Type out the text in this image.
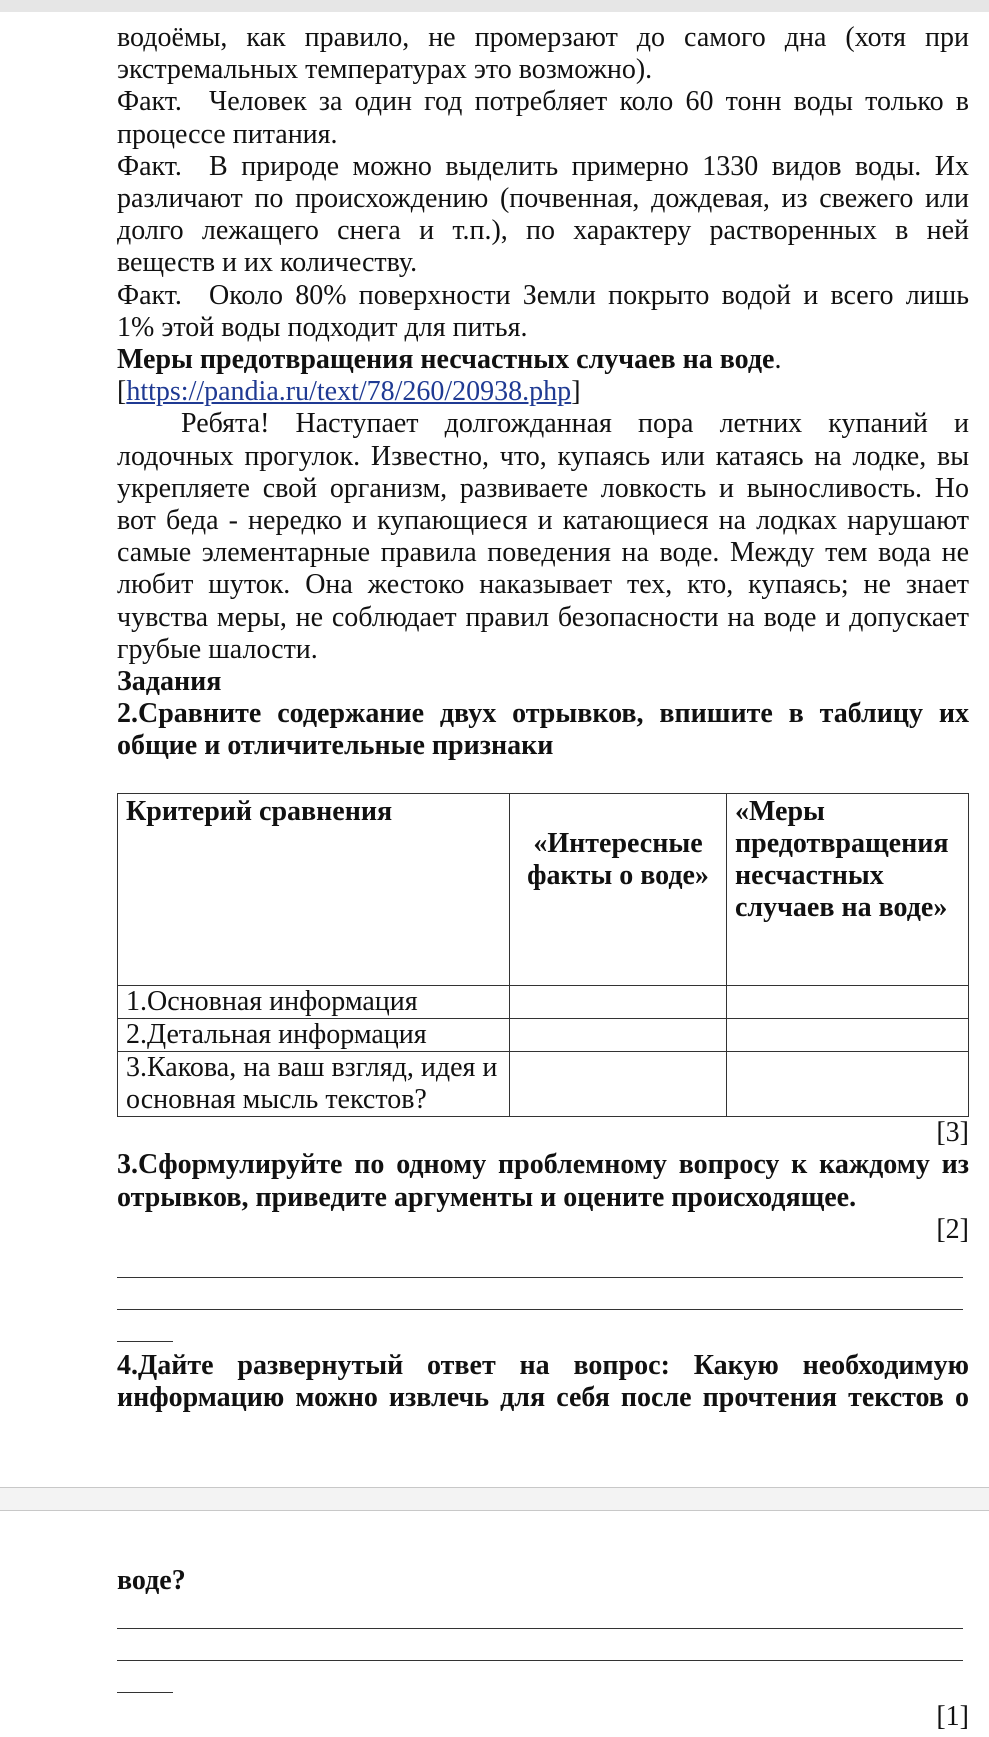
водоёмы, как правило, не промерзают до самого дна (хотя при экстремальных температурах это возможно).

Факт. Человек за один год потребляет коло 60 тонн воды только в процессе питания.

Факт. В природе можно выделить примерно 1330 видов воды. Их различают по происхождению (почвенная, дождевая, из свежего или долго лежащего снега и т.п.), по характеру растворенных в ней веществ и их количеству.

Факт. Около 80% поверхности Земли покрыто водой и всего лишь 1% этой воды подходит для питья.

Меры предотвращения несчастных случаев на воде.

[https://pandia.ru/text/78/260/20938.php]

Ребята! Наступает долгожданная пора летних купаний и лодочных прогулок. Известно, что, купаясь или катаясь на лодке, вы укрепляете свой организм, развиваете ловкость и выносливость. Но вот беда - нередко и купающиеся и катающиеся на лодках нарушают самые элементарные правила поведения на воде. Между тем вода не любит шуток. Она жестоко наказывает тех, кто, купаясь; не знает чувства меры, не соблюдает правил безопасности на воде и допускает грубые шалости.

Задания

2.Сравните содержание двух отрывков, впишите в таблицу их общие и отличительные признаки

Критерий сравнения	«Интересные факты о воде»	«Меры предотвращения несчастных случаев на воде»
1.Основная информация		
2.Детальная информация		
3.Какова, на ваш взгляд, идея и основная мысль текстов?		

[3]

3.Сформулируйте по одному проблемному вопросу к каждому из отрывков, приведите аргументы и оцените происходящее.

[2]

4.Дайте развернутый ответ на вопрос: Какую необходимую информацию можно извлечь для себя после прочтения текстов о

воде?

[1]
